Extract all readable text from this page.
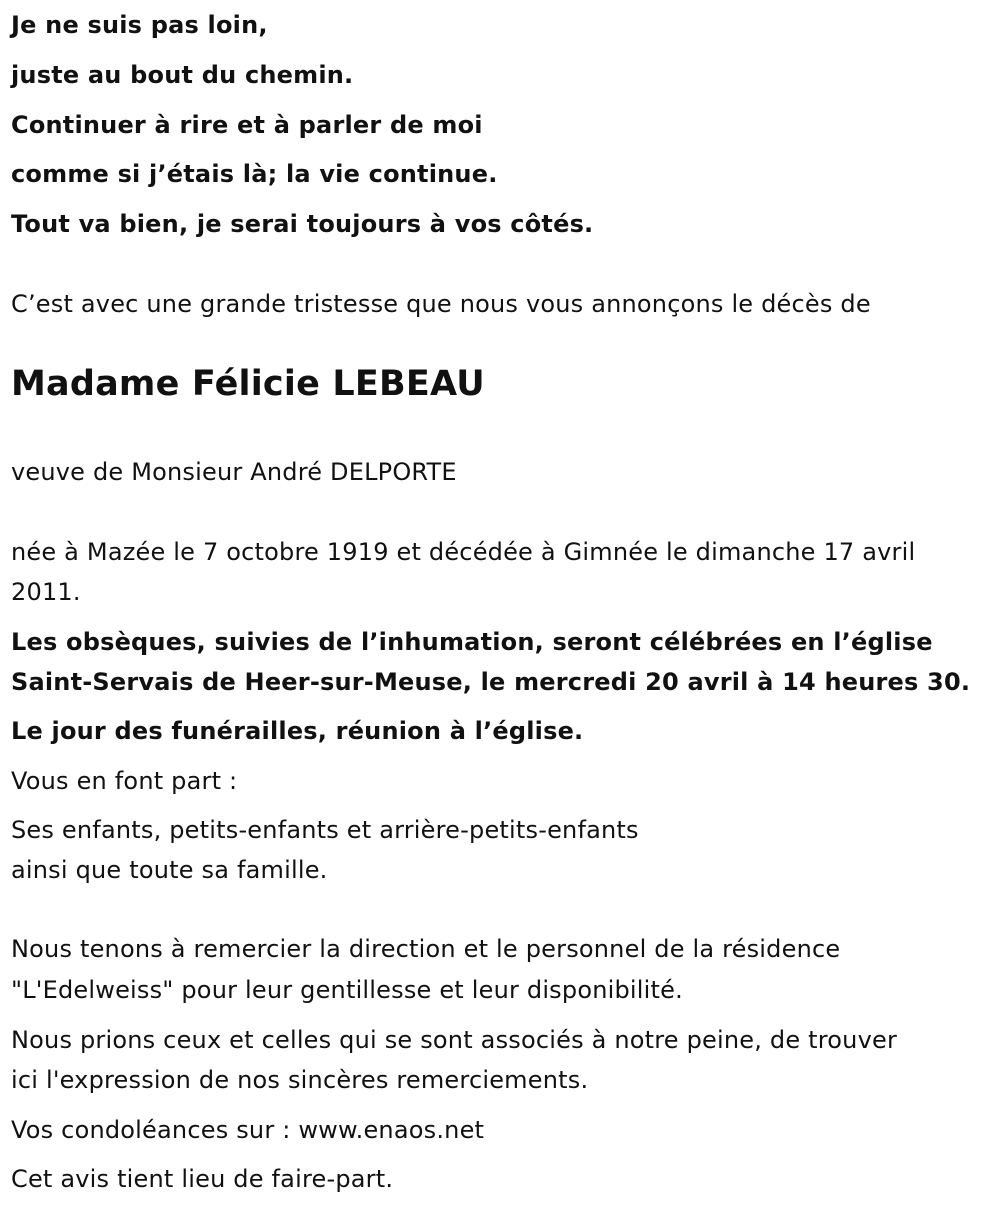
Je ne suis pas loin,
juste au bout du chemin.
Continuer à rire et à parler de moi
comme si j’étais là; la vie continue.
Tout va bien, je serai toujours à vos côtés.
C’est avec une grande tristesse que nous vous annonçons le décès de
Madame Félicie LEBEAU
veuve de Monsieur André DELPORTE
née à Mazée le 7 octobre 1919 et décédée à Gimnée le dimanche 17 avril
2011.
Les obsèques, suivies de l’inhumation, seront célébrées en l’église
Saint-Servais de Heer-sur-Meuse, le mercredi 20 avril à 14 heures 30.
Le jour des funérailles, réunion à l’église.
Vous en font part :
Ses enfants, petits-enfants et arrière-petits-enfants
ainsi que toute sa famille.
Nous tenons à remercier la direction et le personnel de la résidence
"L'Edelweiss" pour leur gentillesse et leur disponibilité.
Nous prions ceux et celles qui se sont associés à notre peine, de trouver
ici l'expression de nos sincères remerciements.
Vos condoléances sur : www.enaos.net
Cet avis tient lieu de faire-part.
